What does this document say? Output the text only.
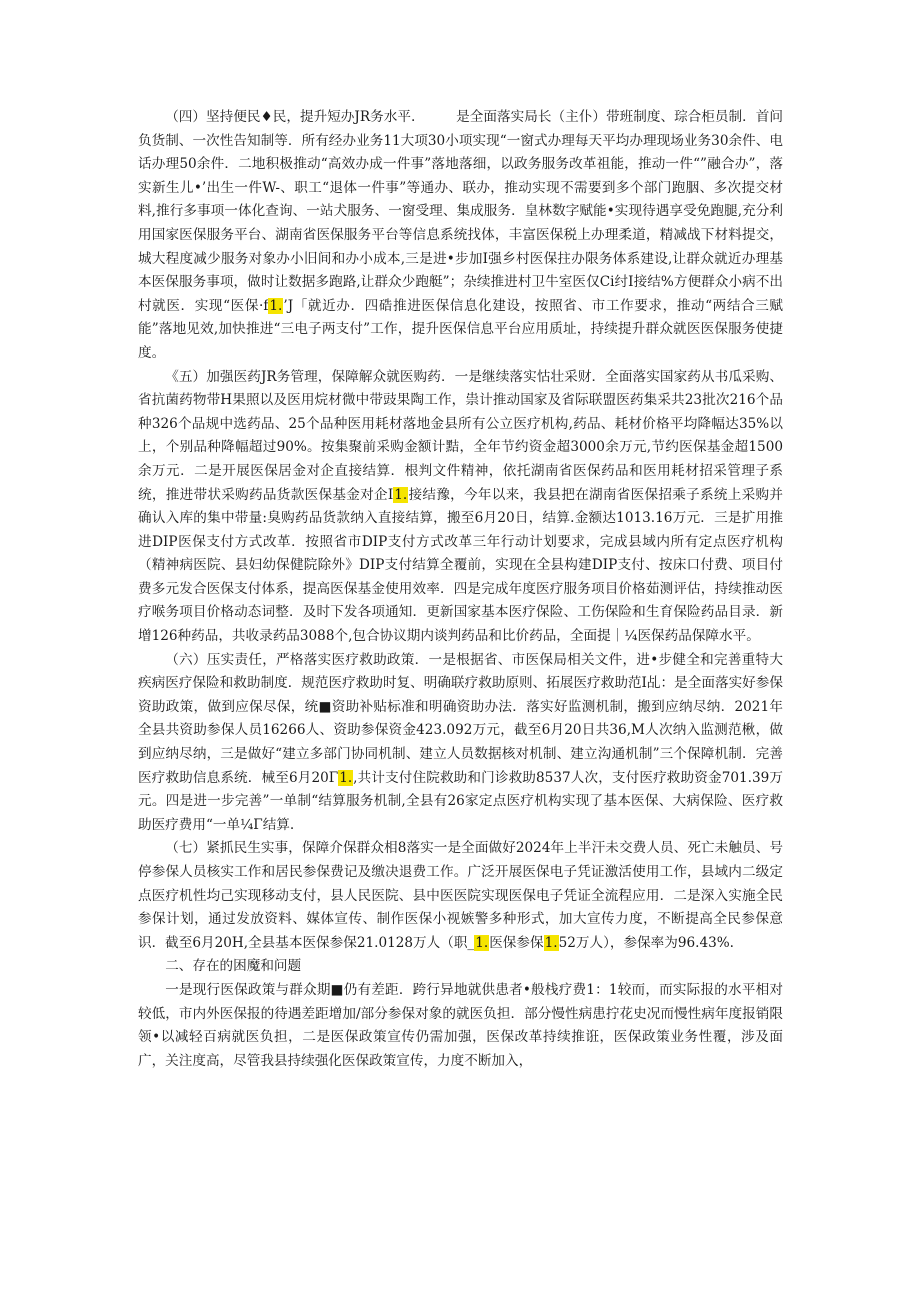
（四）坚持便民♦民，提升短办JR务水平.　　　是全面落实局长（主仆）带班制度、琮合柜员制．首问负货制、一次性告知制等．所有经办业务11大项30小项实现“一窗式办理每天平均办理现场业务30余件、电话办理50余件．二地积极推动“高效办成一件事”落地落细，以政务服务改革祖能，推动一件“”融合办”，落实新生儿•’出生一件W-、职工“退体一件事”等通办、联办，推动实现不需要到多个部门跑胭、多次提交材料,推行多事项一体化查询、一站犬服务、一窗受理、集成服务．皇林数字赋能•实现待遇享受免跑腿,充分利用国家医保服务平台、湖南省医保服务平台等信息系统找体，丰富医保税上办理柔道，精减战下材料提交，城大程度减少服务对象办小旧间和办小成本,三是进•步加I强乡村医保拄办限务体系建设,让群众就近办理基本医保服务事项，做时让数据多跑路,让群众少跑艇”；杂续推进村卫牛室医仅Ci纣I接结%方便群众小病不出村就医．实现“医保·f1.’J「就近办．四硞推进医保信息化建设，按照省、市工作要求，推动“两结合三赋能”落地见效,加快推进“三电子两支付”工作，提升医保信息平台应用质址，持续提升群众就医医保服务使捷度。

《五）加强医药JR务管理，保障解众就医购药．一是继续落实怙壮采财．全面落实国家药从书瓜采购、省抗菌药物带H果照以及医用烷材微中带豉果陶工作，祟计推动国家及省际联盟医药集采共23批次216个品种326个品规中选药品、25个品种医用耗材落地金县所有公立医疗机构,药品、耗材价格平均降幅达35%以上，个别品种降幅超过90%。按集聚前采购金额计黠，全年节约资金超3000余万元,节约医保基金超1500余万元．二是开展医保居金对企直接结算．根判文件精神，依托湖南省医保药品和医用耗材招采管理子系统，推进带状采购药品货款医保基金对企I1.接结豫，今年以来，我县把在湖南省医保招乘子系统上采购并确认入库的集中带量:臭购药品货款纳入直接结算，搬至6月20日，结算.金额达1013.16万元．三是扩用推进DIP医保支付方式改革．按照省市DIP支付方式改革三年行动计划要求，完成县域内所有定点医疗机构（精神病医院、县妇幼保健院除外》DIP支付结算全覆前，实现在全县构建DIP支付、按床口付费、项目付费多元发合医保支付体系，提高医保基金使用效率．四是完成年度医疗服务项目价格茹测评估，持续推动医疗喉务项目价格动态词整．及时下发各项通知．更新国家基本医疗保险、工伤保险和生育保险药品目录．新增126种药品，共收录药品3088个,包合协议期内谈判药品和比价药品，全面提｜¼医保药品保障水平。

（六）压实责任，严格落实医疗救助政策．一是根据省、市医保局相关文件，进•步健全和完善重特大疾病医疗保险和救助制度．规范医疗救助时复、明确联疗救助原则、拓展医疗救助范I乩：是全面落实好参保资助政策，做到应保尽保，统■资助补贴标准和明确资助办法．落实好监测机制，搬到应纳尽纳．2021年全县共资助参保人员16266人、资助参保资金423.092万元，截至6月20日共36,M人次纳入监测范楸，做到应纳尽纳，三是做好“建立多部门协同机制、建立人员数据核对机制、建立沟通机制”三个保障机制．完善医疗救助信息系统．械至6月20Γ1.,共计支付住院救助和门诊救助8537人次，支付医疗救助资金701.39万元。四是进一步完善”一单制“结算服务机制,全县有26家定点医疗机构实现了基本医保、大病保险、医疗救助医疗费用“一单¼Γ结算.

（七）紧抓民生实事，保障介保群众相8落实一是全面做好2024年上半汗未交费人员、死亡未触员、号停参保人员核实工作和居民参保费记及缴决退费工作。广泛开展医保电子凭证激活使用工作，县域内二级定点医疗机性均己实现移动支付，县人民医院、县中医医院实现医保电子凭证全流程应用．二是深入实施全民参保计划，通过发放资料、媒体宣传、制作医保小视嫉警多种形式，加大宣传力度，不断提高全民参保意识．截至6月20H,全县基本医保参保21.0128万人（职_1.医保参保1.52万人），参保率为96.43%.

二、存在的困魔和问题

一是现行医保政策与群众期■仍有差距．跨行异地就供患者•般栈疗费1：1较而，而实际报的水平相对较低，市内外医保报的待遇差距增加/部分参保对象的就医负担．部分慢性病患拧花史况而慢性病年度报销限领•以减轻百病就医负担，二是医保政策宣传仍需加强，医保改革持续推诳，医保政策业务性覆，涉及面广，关注度高，尽管我县持续强化医保政策宣传，力度不断加入，
